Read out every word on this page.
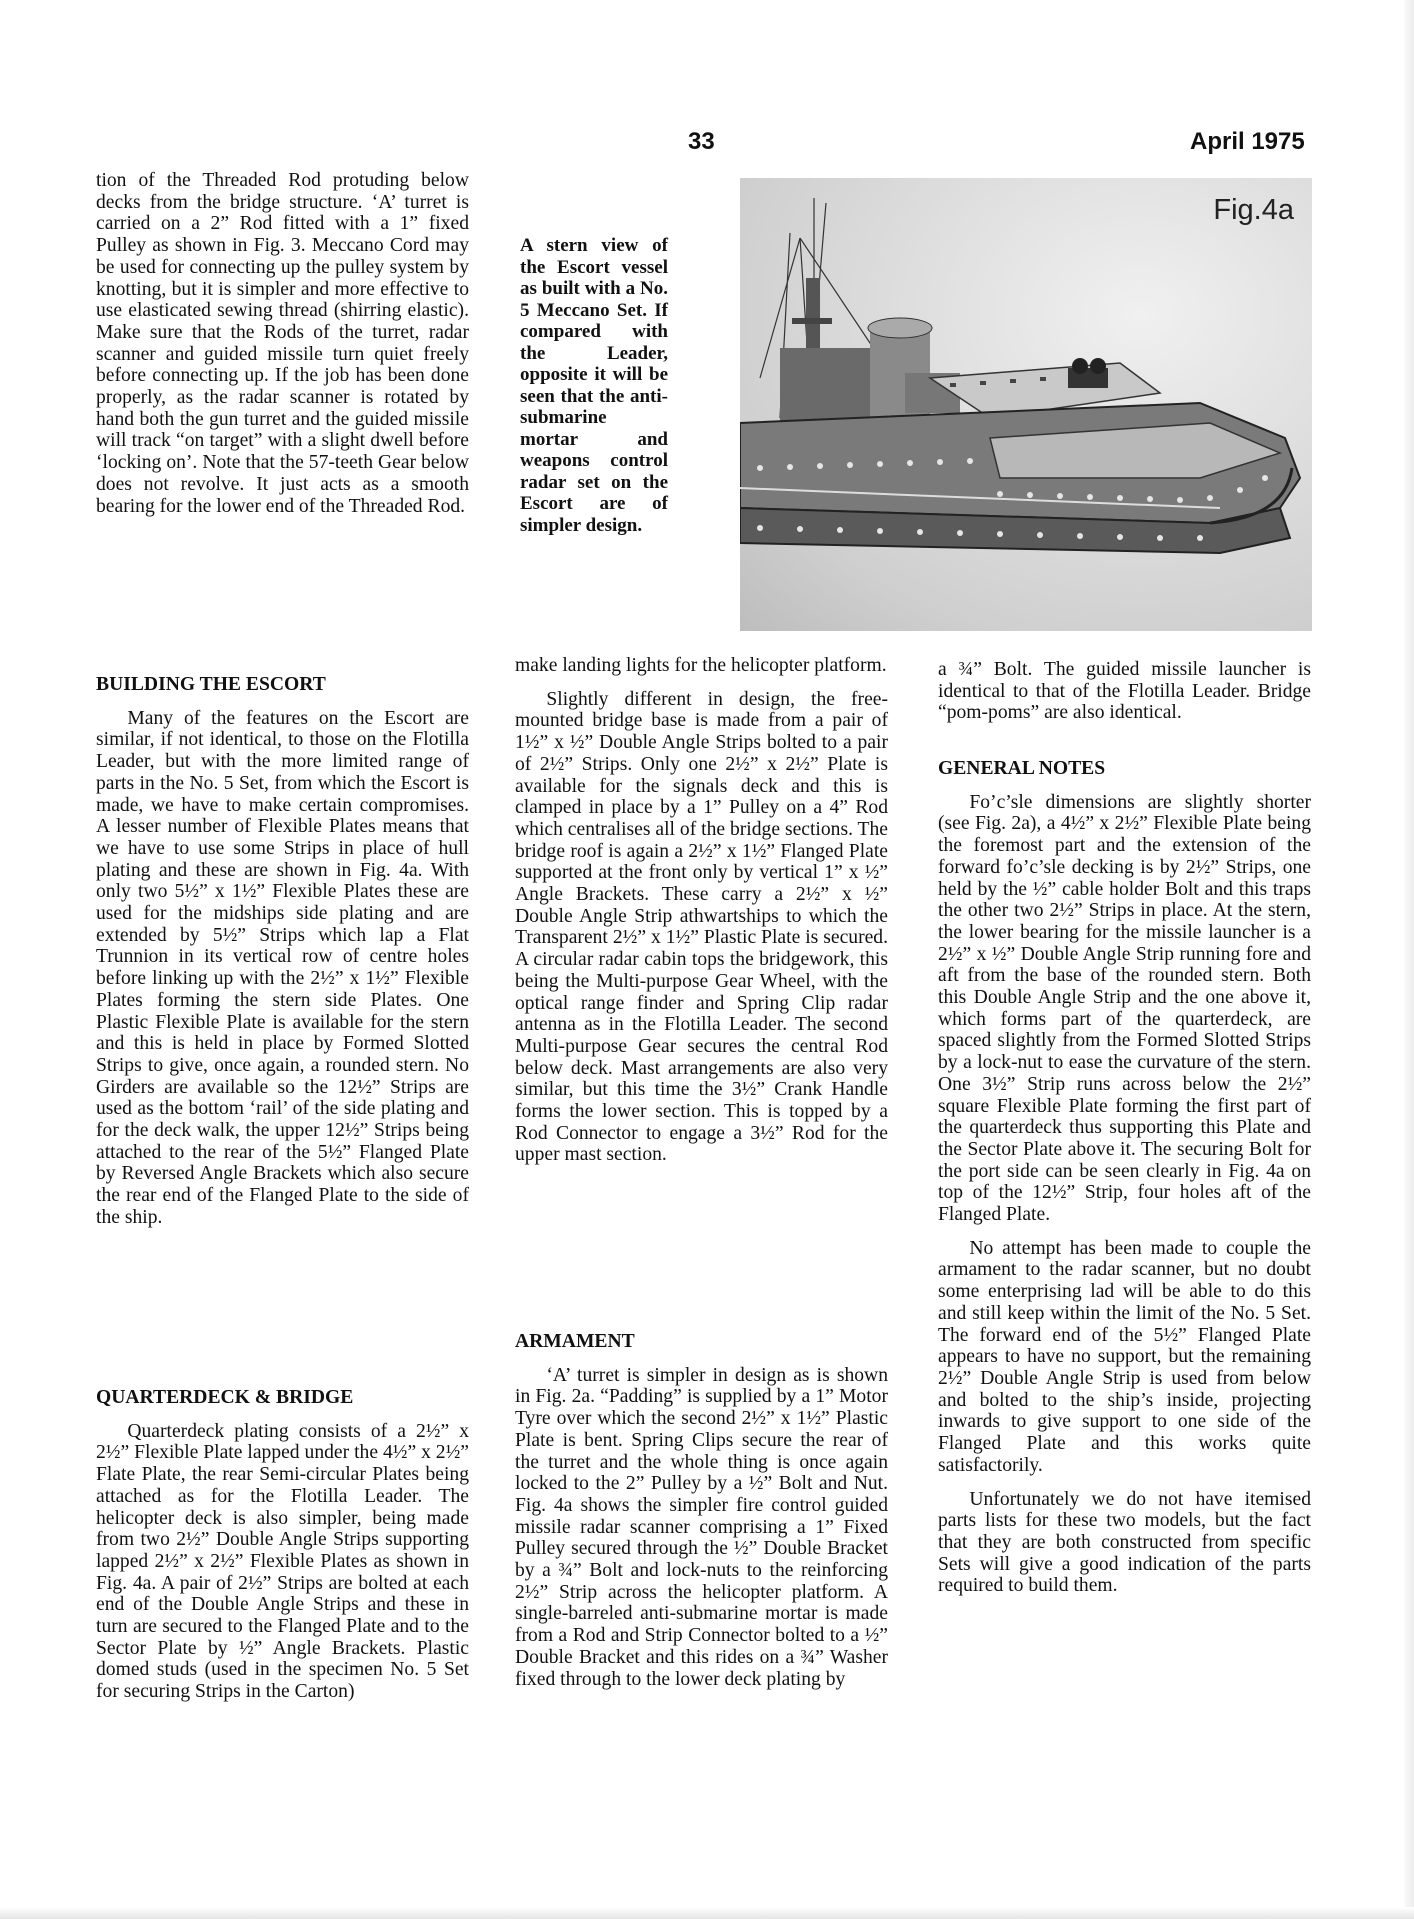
33	April 1975

tion of the Threaded Rod protuding below decks from the bridge structure. ‘A’ turret is carried on a 2” Rod fitted with a 1” fixed Pulley as shown in Fig. 3. Meccano Cord may be used for connecting up the pulley system by knotting, but it is simpler and more effective to use elasticated sewing thread (shirring elastic). Make sure that the Rods of the turret, radar scanner and guided missile turn quiet freely before connecting up. If the job has been done properly, as the radar scanner is rotated by hand both the gun turret and the guided missile will track “on target” with a slight dwell before ‘locking on’. Note that the 57-teeth Gear below does not revolve. It just acts as a smooth bearing for the lower end of the Threaded Rod.

BUILDING THE ESCORT

Many of the features on the Escort are similar, if not identical, to those on the Flotilla Leader, but with the more limited range of parts in the No. 5 Set, from which the Escort is made, we have to make certain compromises. A lesser number of Flexible Plates means that we have to use some Strips in place of hull plating and these are shown in Fig. 4a. With only two 5½” x 1½” Flexible Plates these are used for the midships side plating and are extended by 5½” Strips which lap a Flat Trunnion in its vertical row of centre holes before linking up with the 2½” x 1½” Flexible Plates forming the stern side Plates. One Plastic Flexible Plate is available for the stern and this is held in place by Formed Slotted Strips to give, once again, a rounded stern. No Girders are available so the 12½” Strips are used as the bottom ‘rail’ of the side plating and for the deck walk, the upper 12½” Strips being attached to the rear of the 5½” Flanged Plate by Reversed Angle Brackets which also secure the rear end of the Flanged Plate to the side of the ship.

QUARTERDECK & BRIDGE

Quarterdeck plating consists of a 2½” x 2½” Flexible Plate lapped under the 4½” x 2½” Flate Plate, the rear Semi-circular Plates being attached as for the Flotilla Leader. The helicopter deck is also simpler, being made from two 2½” Double Angle Strips supporting lapped 2½” x 2½” Flexible Plates as shown in Fig. 4a. A pair of 2½” Strips are bolted at each end of the Double Angle Strips and these in turn are secured to the Flanged Plate and to the Sector Plate by ½” Angle Brackets. Plastic domed studs (used in the specimen No. 5 Set for securing Strips in the Carton)

A stern view of the Escort vessel as built with a No. 5 Meccano Set. If compared with the Leader, opposite it will be seen that the anti-submarine mortar and weapons control radar set on the Escort are of simpler design.
Fig.4a

make landing lights for the helicopter platform.

Slightly different in design, the free-mounted bridge base is made from a pair of 1½” x ½” Double Angle Strips bolted to a pair of 2½” Strips. Only one 2½” x 2½” Plate is available for the signals deck and this is clamped in place by a 1” Pulley on a 4” Rod which centralises all of the bridge sections. The bridge roof is again a 2½” x 1½” Flanged Plate supported at the front only by vertical 1” x ½” Angle Brackets. These carry a 2½” x ½” Double Angle Strip athwartships to which the Transparent 2½” x 1½” Plastic Plate is secured. A circular radar cabin tops the bridgework, this being the Multi-purpose Gear Wheel, with the optical range finder and Spring Clip radar antenna as in the Flotilla Leader. The second Multi-purpose Gear secures the central Rod below deck. Mast arrangements are also very similar, but this time the 3½” Crank Handle forms the lower section. This is topped by a Rod Connector to engage a 3½” Rod for the upper mast section.

ARMAMENT

‘A’ turret is simpler in design as is shown in Fig. 2a. “Padding” is supplied by a 1” Motor Tyre over which the second 2½” x 1½” Plastic Plate is bent. Spring Clips secure the rear of the turret and the whole thing is once again locked to the 2” Pulley by a ½” Bolt and Nut. Fig. 4a shows the simpler fire control guided missile radar scanner comprising a 1” Fixed Pulley secured through the ½” Double Bracket by a ¾” Bolt and lock-nuts to the reinforcing 2½” Strip across the helicopter platform. A single-barreled anti-submarine mortar is made from a Rod and Strip Connector bolted to a ½” Double Bracket and this rides on a ¾” Washer fixed through to the lower deck plating by

a ¾” Bolt. The guided missile launcher is identical to that of the Flotilla Leader. Bridge “pom-poms” are also identical.

GENERAL NOTES

Fo’c’sle dimensions are slightly shorter (see Fig. 2a), a 4½” x 2½” Flexible Plate being the foremost part and the extension of the forward fo’c’sle decking is by 2½” Strips, one held by the ½” cable holder Bolt and this traps the other two 2½” Strips in place. At the stern, the lower bearing for the missile launcher is a 2½” x ½” Double Angle Strip running fore and aft from the base of the rounded stern. Both this Double Angle Strip and the one above it, which forms part of the quarterdeck, are spaced slightly from the Formed Slotted Strips by a lock-nut to ease the curvature of the stern. One 3½” Strip runs across below the 2½” square Flexible Plate forming the first part of the quarterdeck thus supporting this Plate and the Sector Plate above it. The securing Bolt for the port side can be seen clearly in Fig. 4a on top of the 12½” Strip, four holes aft of the Flanged Plate.

No attempt has been made to couple the armament to the radar scanner, but no doubt some enterprising lad will be able to do this and still keep within the limit of the No. 5 Set. The forward end of the 5½” Flanged Plate appears to have no support, but the remaining 2½” Double Angle Strip is used from below and bolted to the ship’s inside, projecting inwards to give support to one side of the Flanged Plate and this works quite satisfactorily.

Unfortunately we do not have itemised parts lists for these two models, but the fact that they are both constructed from specific Sets will give a good indication of the parts required to build them.
